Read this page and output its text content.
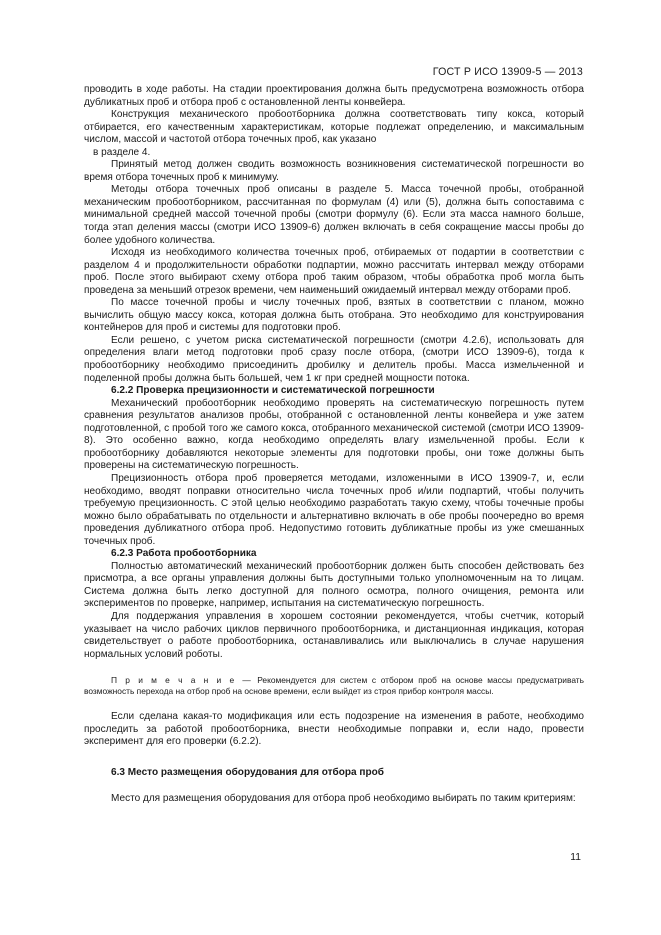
ГОСТ Р ИСО 13909-5 — 2013

проводить в ходе работы. На стадии проектирования должна быть предусмотрена возможность отбора дубликатных проб и отбора проб с остановленной ленты конвейера.

Конструкция механического пробоотборника должна соответствовать типу кокса, который отбирается, его качественным характеристикам, которые подлежат определению, и максимальным числом, массой и частотой отбора точечных проб, как указано

в разделе 4.

Принятый метод должен сводить возможность возникновения систематической погрешности во время отбора точечных проб к минимуму.

Методы отбора точечных проб описаны в разделе 5. Масса точечной пробы, отобранной механическим пробоотборником, рассчитанная по формулам (4) или (5), должна быть сопоставима с минимальной средней массой точечной пробы (смотри формулу (6). Если эта масса намного больше, тогда этап деления массы (смотри ИСО 13909-6) должен включать в себя сокращение массы пробы до более удобного количества.

Исходя из необходимого количества точечных проб, отбираемых от подартии в соответствии с разделом 4 и продолжительности обработки подпартии, можно рассчитать интервал между отборами проб. После этого выбирают схему отбора проб таким образом, чтобы обработка проб могла быть проведена за меньший отрезок времени, чем наименьший ожидаемый интервал между отборами проб.

По массе точечной пробы и числу точечных проб, взятых в соответствии с планом, можно вычислить общую массу кокса, которая должна быть отобрана. Это необходимо для конструирования контейнеров для проб и системы для подготовки проб.

Если решено, с учетом риска систематической погрешности (смотри 4.2.6), использовать для определения влаги метод подготовки проб сразу после отбора, (смотри ИСО 13909-6), тогда к пробоотборнику необходимо присоединить дробилку и делитель пробы. Масса измельченной и поделенной пробы должна быть большей, чем 1 кг при средней мощности потока.

6.2.2 Проверка прецизионности и систематической погрешности

Механический пробоотборник необходимо проверять на систематическую погрешность путем сравнения результатов анализов пробы, отобранной с остановленной ленты конвейера и уже затем подготовленной, с пробой того же самого кокса, отобранного механической системой (смотри ИСО 13909-8). Это особенно важно, когда необходимо определять влагу измельченной пробы. Если к пробоотборнику добавляются некоторые элементы для подготовки пробы, они тоже должны быть проверены на систематическую погрешность.

Прецизионность отбора проб проверяется методами, изложенными в ИСО 13909-7, и, если необходимо, вводят поправки относительно числа точечных проб и/или подпартий, чтобы получить требуемую прецизионность. С этой целью необходимо разработать такую схему, чтобы точечные пробы можно было обрабатывать по отдельности и альтернативно включать в обе пробы поочередно во время проведения дубликатного отбора проб. Недопустимо готовить дубликатные пробы из уже смешанных точечных проб.

6.2.3 Работа пробоотборника

Полностью автоматический механический пробоотборник должен быть способен действовать без присмотра, а все органы управления должны быть доступными только уполномоченным на то лицам. Система должна быть легко доступной для полного осмотра, полного очищения, ремонта или экспериментов по проверке, например, испытания на систематическую погрешность.

Для поддержания управления в хорошем состоянии рекомендуется, чтобы счетчик, который указывает на число рабочих циклов первичного пробоотборника, и дистанционная индикация, которая свидетельствует о работе пробоотборника, останавливались или выключались в случае нарушения нормальных условий роботы.

П р и м е ч а н и е — Рекомендуется для систем с отбором проб на основе массы предусматривать возможность перехода на отбор проб на основе времени, если выйдет из строя прибор контроля массы.

Если сделана какая-то модификация или есть подозрение на изменения в работе, необходимо проследить за работой пробоотборника, внести необходимые поправки и, если надо, провести эксперимент для его проверки (6.2.2).

6.3 Место размещения оборудования для отбора проб

Место для размещения оборудования для отбора проб необходимо выбирать по таким критериям:

11
